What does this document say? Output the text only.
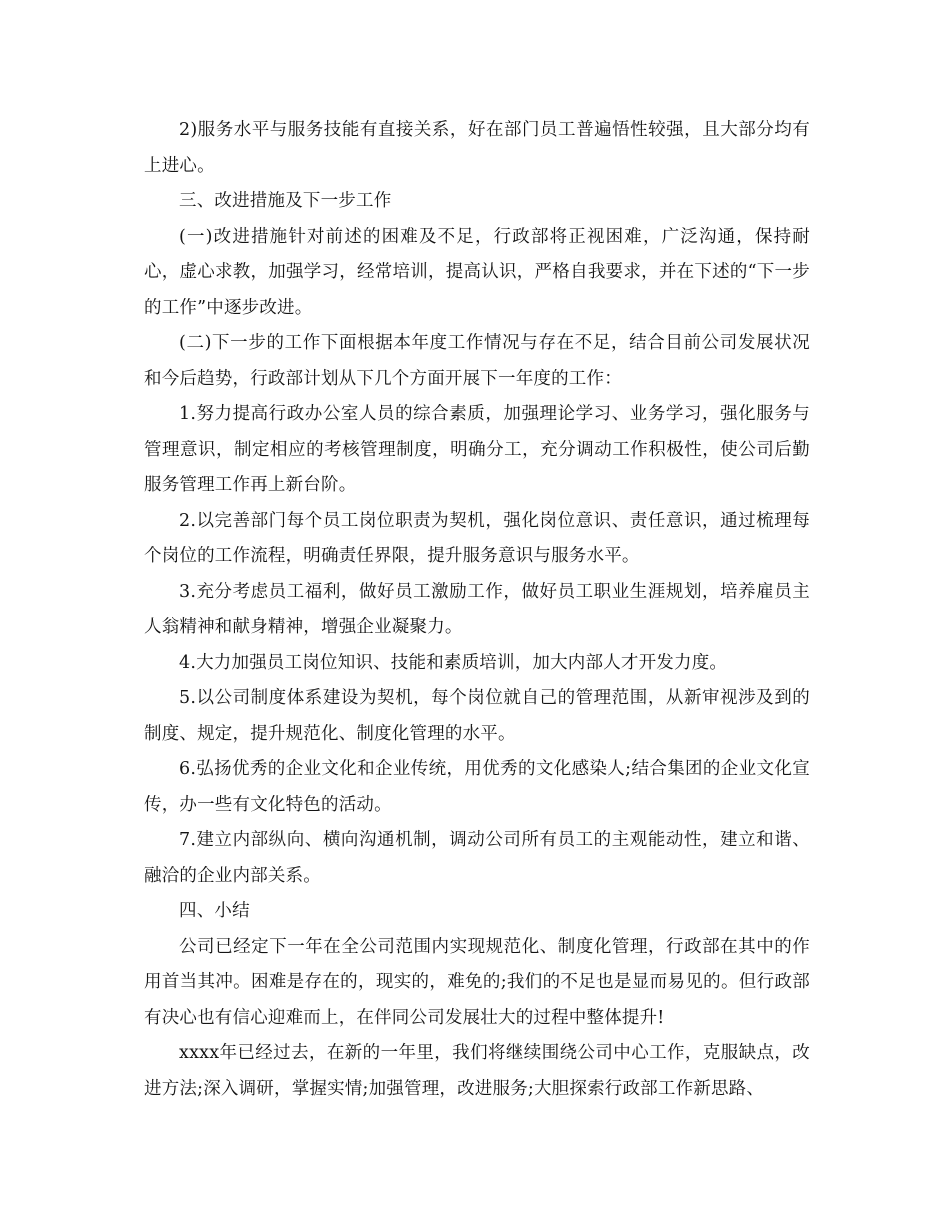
2)服务水平与服务技能有直接关系，好在部门员工普遍悟性较强，且大部分均有上进心。

三、改进措施及下一步工作

(一)改进措施针对前述的困难及不足，行政部将正视困难，广泛沟通，保持耐心，虚心求教，加强学习，经常培训，提高认识，严格自我要求，并在下述的“下一步的工作”中逐步改进。

(二)下一步的工作下面根据本年度工作情况与存在不足，结合目前公司发展状况和今后趋势，行政部计划从下几个方面开展下一年度的工作：

1.努力提高行政办公室人员的综合素质，加强理论学习、业务学习，强化服务与管理意识，制定相应的考核管理制度，明确分工，充分调动工作积极性，使公司后勤服务管理工作再上新台阶。

2.以完善部门每个员工岗位职责为契机，强化岗位意识、责任意识，通过梳理每个岗位的工作流程，明确责任界限，提升服务意识与服务水平。

3.充分考虑员工福利，做好员工激励工作，做好员工职业生涯规划，培养雇员主人翁精神和献身精神，增强企业凝聚力。

4.大力加强员工岗位知识、技能和素质培训，加大内部人才开发力度。

5.以公司制度体系建设为契机，每个岗位就自己的管理范围，从新审视涉及到的制度、规定，提升规范化、制度化管理的水平。

6.弘扬优秀的企业文化和企业传统，用优秀的文化感染人;结合集团的企业文化宣传，办一些有文化特色的活动。

7.建立内部纵向、横向沟通机制，调动公司所有员工的主观能动性，建立和谐、融洽的企业内部关系。

四、小结

公司已经定下一年在全公司范围内实现规范化、制度化管理，行政部在其中的作用首当其冲。困难是存在的，现实的，难免的;我们的不足也是显而易见的。但行政部有决心也有信心迎难而上，在伴同公司发展壮大的过程中整体提升!

xxxx年已经过去，在新的一年里，我们将继续围绕公司中心工作，克服缺点，改进方法;深入调研，掌握实情;加强管理，改进服务;大胆探索行政部工作新思路、
